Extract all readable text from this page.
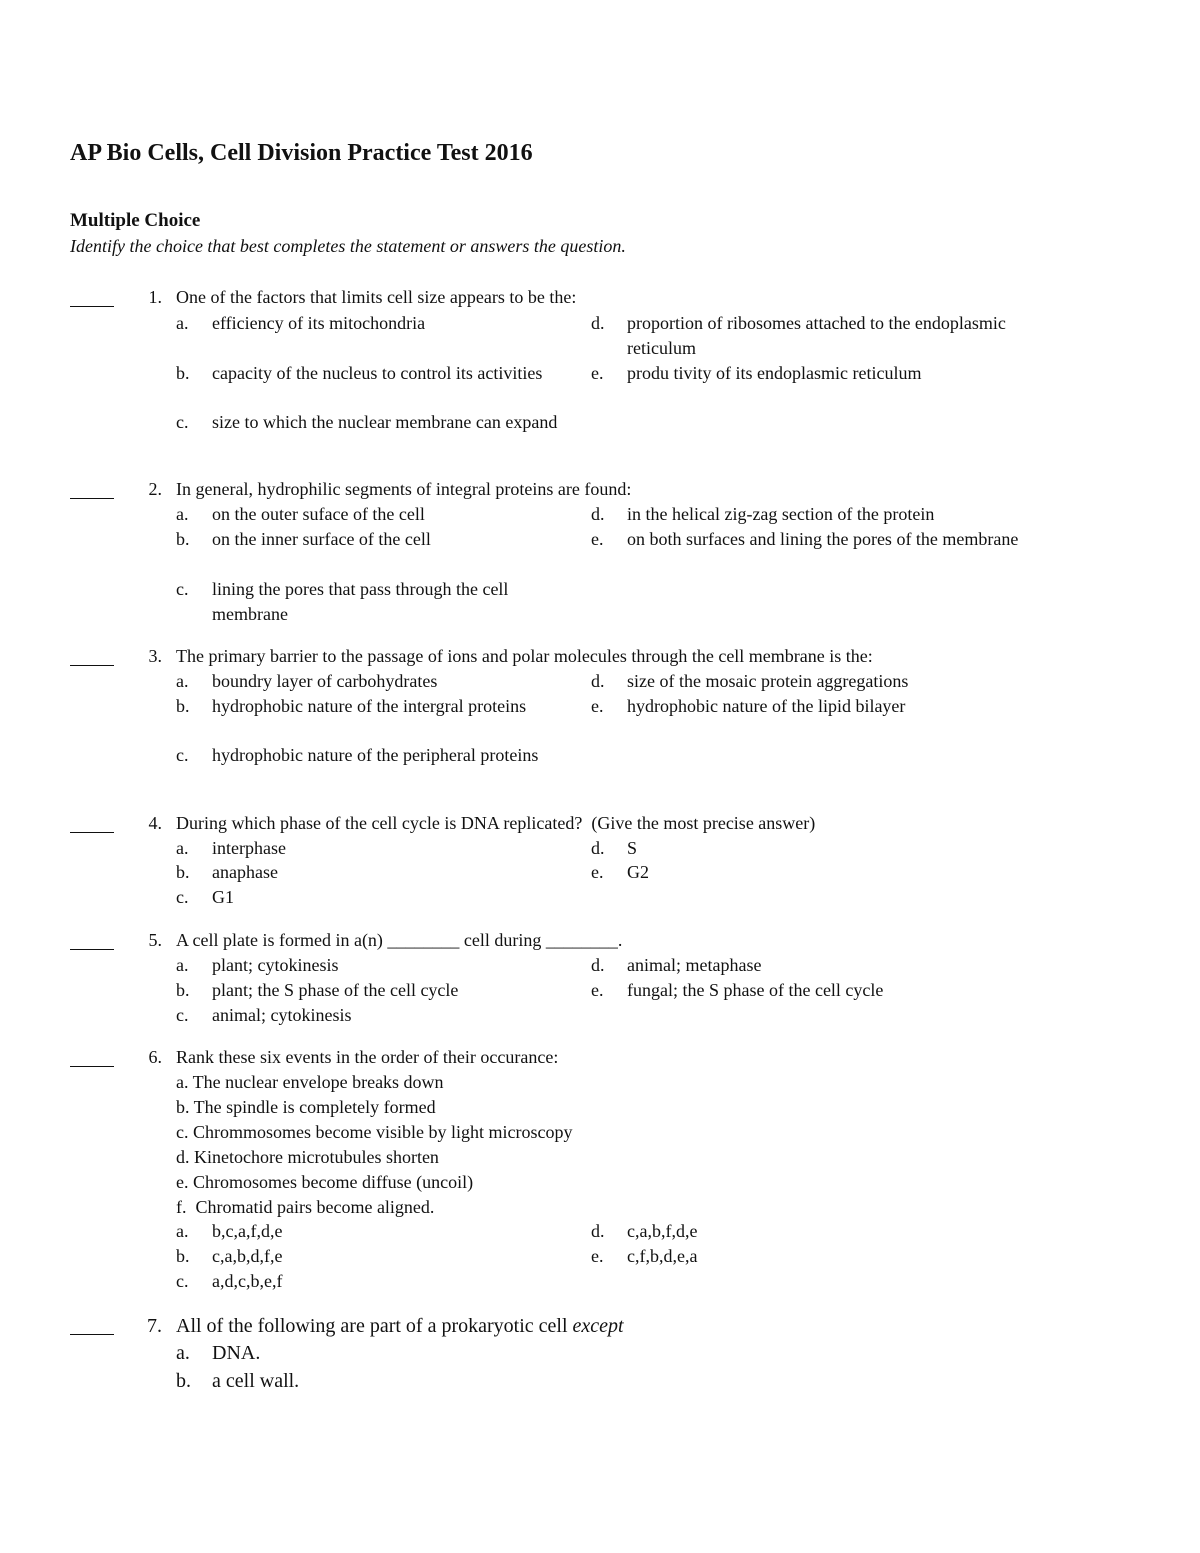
AP Bio Cells, Cell Division Practice Test 2016
Multiple Choice
Identify the choice that best completes the statement or answers the question.
1. One of the factors that limits cell size appears to be the:
a. efficiency of its mitochondria
b. capacity of the nucleus to control its activities
c. size to which the nuclear membrane can expand
d. proportion of ribosomes attached to the endoplasmic reticulum
e. produ tivity of its endoplasmic reticulum
2. In general, hydrophilic segments of integral proteins are found:
a. on the outer suface of the cell
b. on the inner surface of the cell
c. lining the pores that pass through the cell membrane
d. in the helical zig-zag section of the protein
e. on both surfaces and lining the pores of the membrane
3. The primary barrier to the passage of ions and polar molecules through the cell membrane is the:
a. boundry layer of carbohydrates
b. hydrophobic nature of the intergral proteins
c. hydrophobic nature of the peripheral proteins
d. size of the mosaic protein aggregations
e. hydrophobic nature of the lipid bilayer
4. During which phase of the cell cycle is DNA replicated?  (Give the most precise answer)
a. interphase
b. anaphase
c. G1
d. S
e. G2
5. A cell plate is formed in a(n) ________ cell during ________.
a. plant; cytokinesis
b. plant; the S phase of the cell cycle
c. animal; cytokinesis
d. animal; metaphase
e. fungal; the S phase of the cell cycle
6. Rank these six events in the order of their occurance:
a. The nuclear envelope breaks down
b. The spindle is completely formed
c. Chrommosomes become visible by light microscopy
d. Kinetochore microtubules shorten
e. Chromosomes become diffuse (uncoil)
f.  Chromatid pairs become aligned.
a. b,c,a,f,d,e
b. c,a,b,d,f,e
c. a,d,c,b,e,f
d. c,a,b,f,d,e
e. c,f,b,d,e,a
7. All of the following are part of a prokaryotic cell except
a. DNA.
b. a cell wall.
